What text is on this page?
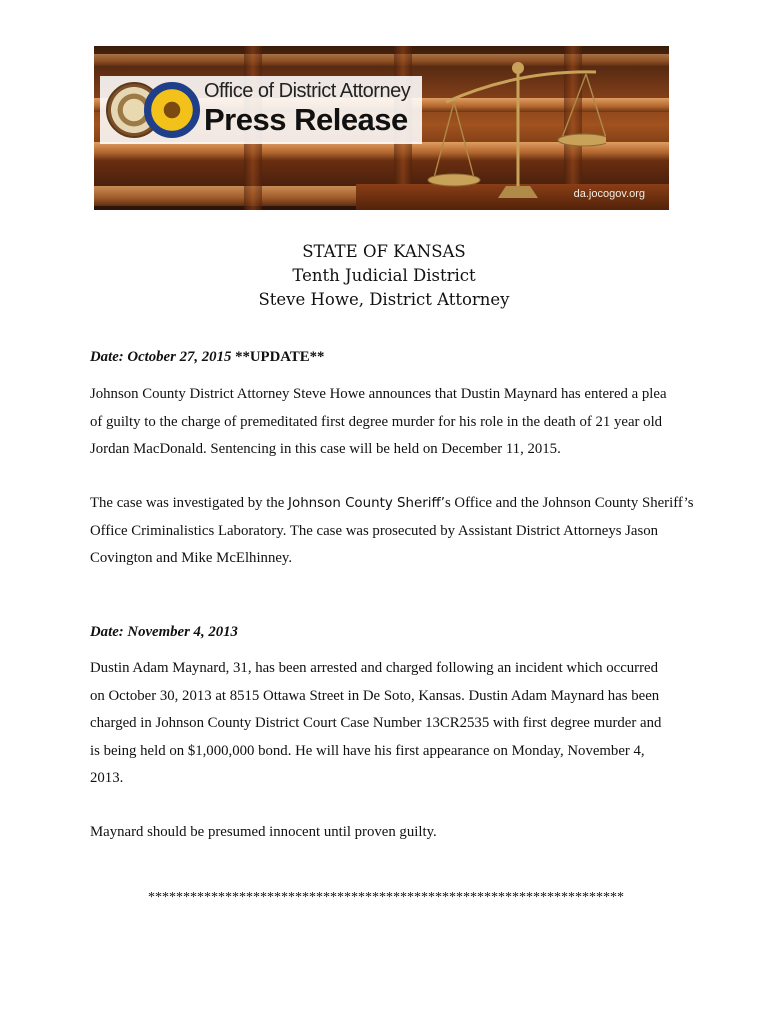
Office of District Attorney
Press Release
da.jocogov.org
STATE OF KANSAS
Tenth Judicial District
Steve Howe, District Attorney
Date: October 27, 2015 **UPDATE**
Johnson County District Attorney Steve Howe announces that Dustin Maynard has entered a plea
of guilty to the charge of premeditated first degree murder for his role in the death of 21 year old
Jordan MacDonald. Sentencing in this case will be held on December 11, 2015.
The case was investigated by the Johnson County Sheriff’s Office and the Johnson County Sheriff’s
Office Criminalistics Laboratory. The case was prosecuted by Assistant District Attorneys Jason
Covington and Mike McElhinney.
Date: November 4, 2013
Dustin Adam Maynard, 31, has been arrested and charged following an incident which occurred
on October 30, 2013 at 8515 Ottawa Street in De Soto, Kansas. Dustin Adam Maynard has been
charged in Johnson County District Court Case Number 13CR2535 with first degree murder and
is being held on $1,000,000 bond. He will have his first appearance on Monday, November 4,
2013.
Maynard should be presumed innocent until proven guilty.
********************************************************************
